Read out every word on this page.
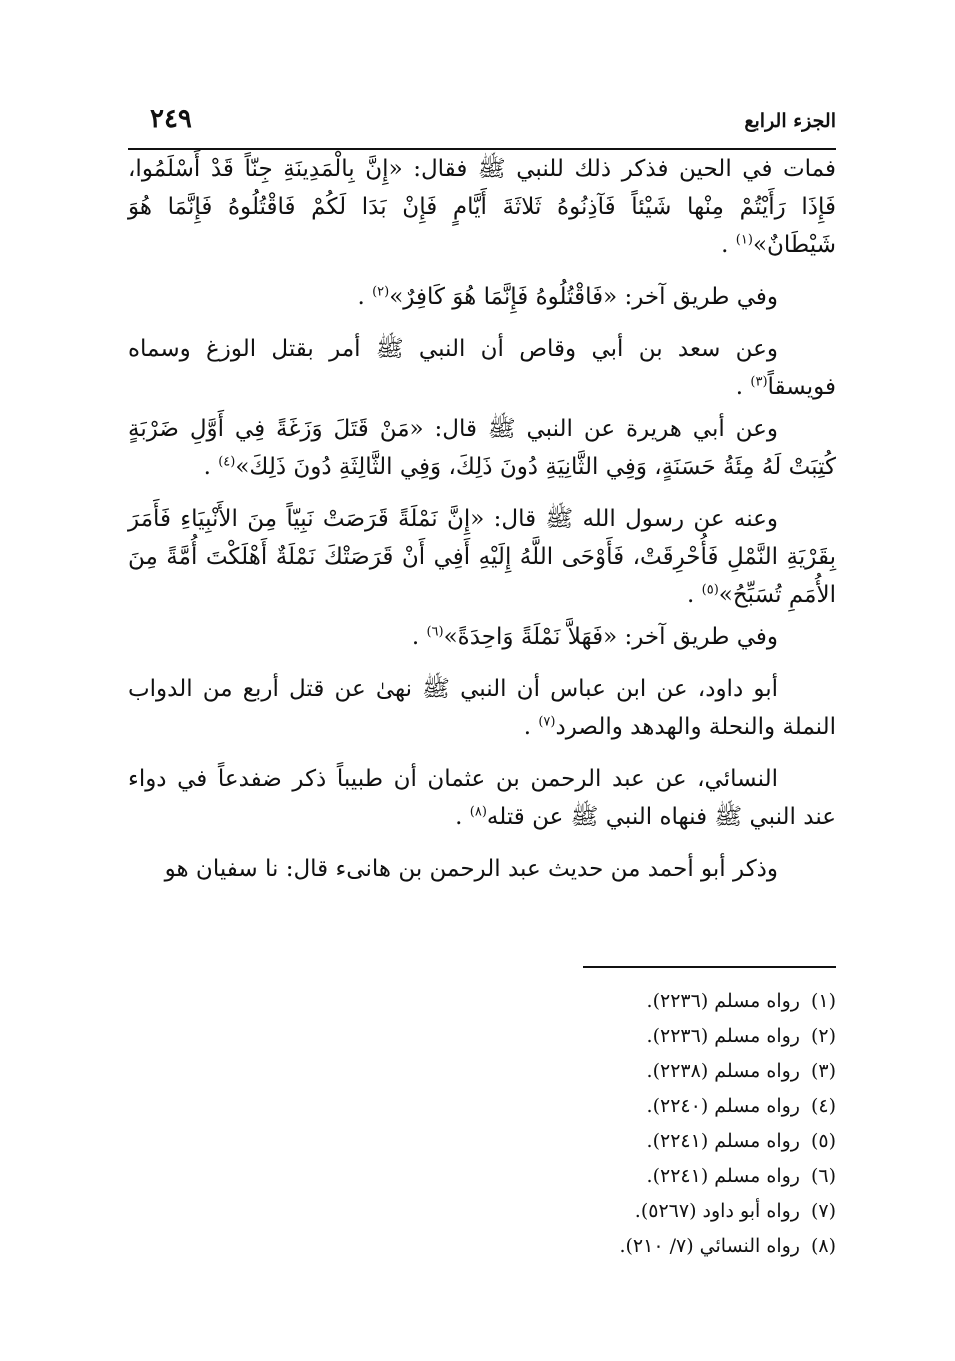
الجزء الرابع
٢٤٩

فمات في الحين فذكر ذلك للنبي ﷺ فقال: «إِنَّ بِالْمَدِينَةِ جِنّاً قَدْ أَسْلَمُوا، فَإِذَا رَأَيْتُمْ مِنْها شَيْئاً فَآذِنُوهُ ثَلاثَةَ أَيَّامٍ فَإِنْ بَدَا لَكُمْ فَاقْتُلُوهُ فَإِنَّمَا هُوَ شَيْطَانٌ»$^{(١)}$ .

وفي طريق آخر: «فَاقْتُلُوهُ فَإِنَّمَا هُوَ كَافِرٌ»$^{(٢)}$ .

وعن سعد بن أبي وقاص أن النبي ﷺ أمر بقتل الوزغ وسماه فويسقاً$^{(٣)}$ .

وعن أبي هريرة عن النبي ﷺ قال: «مَنْ قَتَلَ وَزَغَةً فِي أَوَّلِ ضَرْبَةٍ كُتِبَتْ لَهُ مِئَةُ حَسَنَةٍ، وَفِي الثَّانِيَةِ دُونَ ذَلِكَ، وَفِي الثَّالِثَةِ دُونَ ذَلِكَ»$^{(٤)}$ .

وعنه عن رسول الله ﷺ قال: «إِنَّ نَمْلَةً قَرَصَتْ نَبِيّاً مِنَ الأَنْبِيَاءِ فَأَمَرَ بِقَرْيَةِ النَّمْلِ فَأُحْرِقَتْ، فَأَوْحَى اللَّهُ إِلَيْهِ أَفِي أَنْ قَرَصَتْكَ نَمْلَةٌ أَهْلَكْتَ أُمَّةً مِنَ الأُمَمِ تُسَبِّحُ»$^{(٥)}$ .

وفي طريق آخر: «فَهَلاَّ نَمْلَةً وَاحِدَةً»$^{(٦)}$ .

أبو داود، عن ابن عباس أن النبي ﷺ نهىٰ عن قتل أربع من الدواب النملة والنحلة والهدهد والصرد$^{(٧)}$ .

النسائي، عن عبد الرحمن بن عثمان أن طبيباً ذكر ضفدعاً في دواء عند النبي ﷺ فنهاه النبي ﷺ عن قتله$^{(٨)}$ .

وذكر أبو أحمد من حديث عبد الرحمن بن هانىء قال: نا سفيان هو

(١) رواه مسلم (٢٢٣٦).
(٢) رواه مسلم (٢٢٣٦).
(٣) رواه مسلم (٢٢٣٨).
(٤) رواه مسلم (٢٢٤٠).
(٥) رواه مسلم (٢٢٤١).
(٦) رواه مسلم (٢٢٤١).
(٧) رواه أبو داود (٥٢٦٧).
(٨) رواه النسائي (٧/ ٢١٠).
